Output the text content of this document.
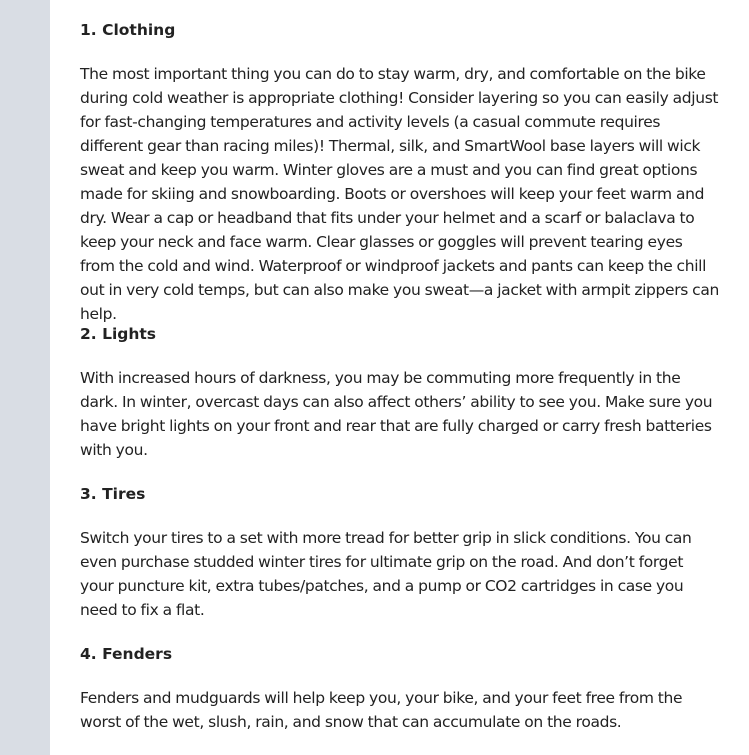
1. Clothing

The most important thing you can do to stay warm, dry, and comfortable on the bike during cold weather is appropriate clothing! Consider layering so you can easily adjust for fast-changing temperatures and activity levels (a casual commute requires different gear than racing miles)! Thermal, silk, and SmartWool base layers will wick sweat and keep you warm. Winter gloves are a must and you can find great options made for skiing and snowboarding. Boots or overshoes will keep your feet warm and dry. Wear a cap or headband that fits under your helmet and a scarf or balaclava to keep your neck and face warm. Clear glasses or goggles will prevent tearing eyes from the cold and wind. Waterproof or windproof jackets and pants can keep the chill out in very cold temps, but can also make you sweat—a jacket with armpit zippers can help.

2. Lights

With increased hours of darkness, you may be commuting more frequently in the dark. In winter, overcast days can also affect others’ ability to see you. Make sure you have bright lights on your front and rear that are fully charged or carry fresh batteries with you.

3. Tires

Switch your tires to a set with more tread for better grip in slick conditions. You can even purchase studded winter tires for ultimate grip on the road. And don’t forget your puncture kit, extra tubes/patches, and a pump or CO2 cartridges in case you need to fix a flat.

4. Fenders

Fenders and mudguards will help keep you, your bike, and your feet free from the worst of the wet, slush, rain, and snow that can accumulate on the roads.
